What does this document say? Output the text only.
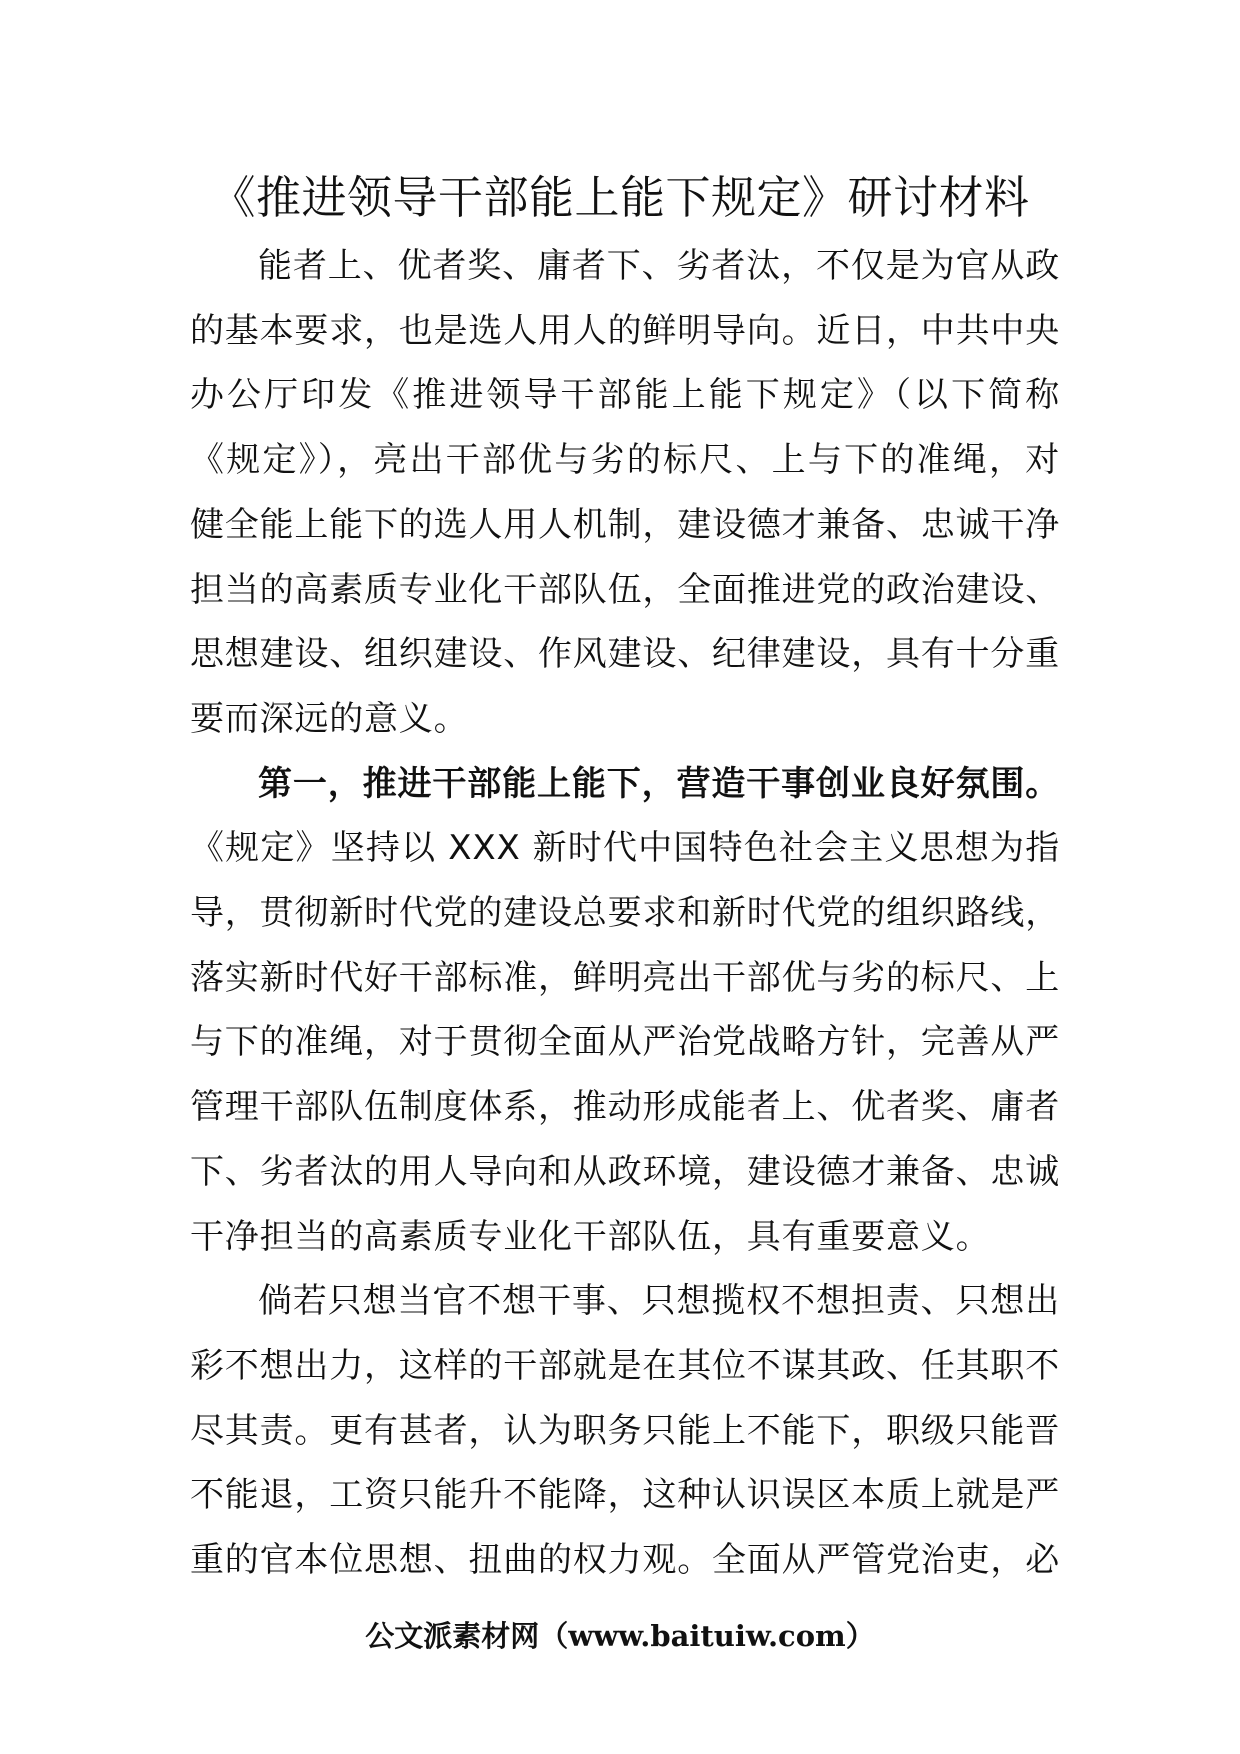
《推进领导干部能上能下规定》研讨材料

能者上、优者奖、庸者下、劣者汰，不仅是为官从政的基本要求，也是选人用人的鲜明导向。近日，中共中央办公厅印发《推进领导干部能上能下规定》（以下简称《规定》），亮出干部优与劣的标尺、上与下的准绳，对健全能上能下的选人用人机制，建设德才兼备、忠诚干净担当的高素质专业化干部队伍，全面推进党的政治建设、思想建设、组织建设、作风建设、纪律建设，具有十分重要而深远的意义。

第一，推进干部能上能下，营造干事创业良好氛围。《规定》坚持以 XXX 新时代中国特色社会主义思想为指导，贯彻新时代党的建设总要求和新时代党的组织路线，落实新时代好干部标准，鲜明亮出干部优与劣的标尺、上与下的准绳，对于贯彻全面从严治党战略方针，完善从严管理干部队伍制度体系，推动形成能者上、优者奖、庸者下、劣者汰的用人导向和从政环境，建设德才兼备、忠诚干净担当的高素质专业化干部队伍，具有重要意义。

倘若只想当官不想干事、只想揽权不想担责、只想出彩不想出力，这样的干部就是在其位不谋其政、任其职不尽其责。更有甚者，认为职务只能上不能下，职级只能晋不能退，工资只能升不能降，这种认识误区本质上就是严重的官本位思想、扭曲的权力观。全面从严管党治吏，必

公文派素材网（www.baituiw.com）
